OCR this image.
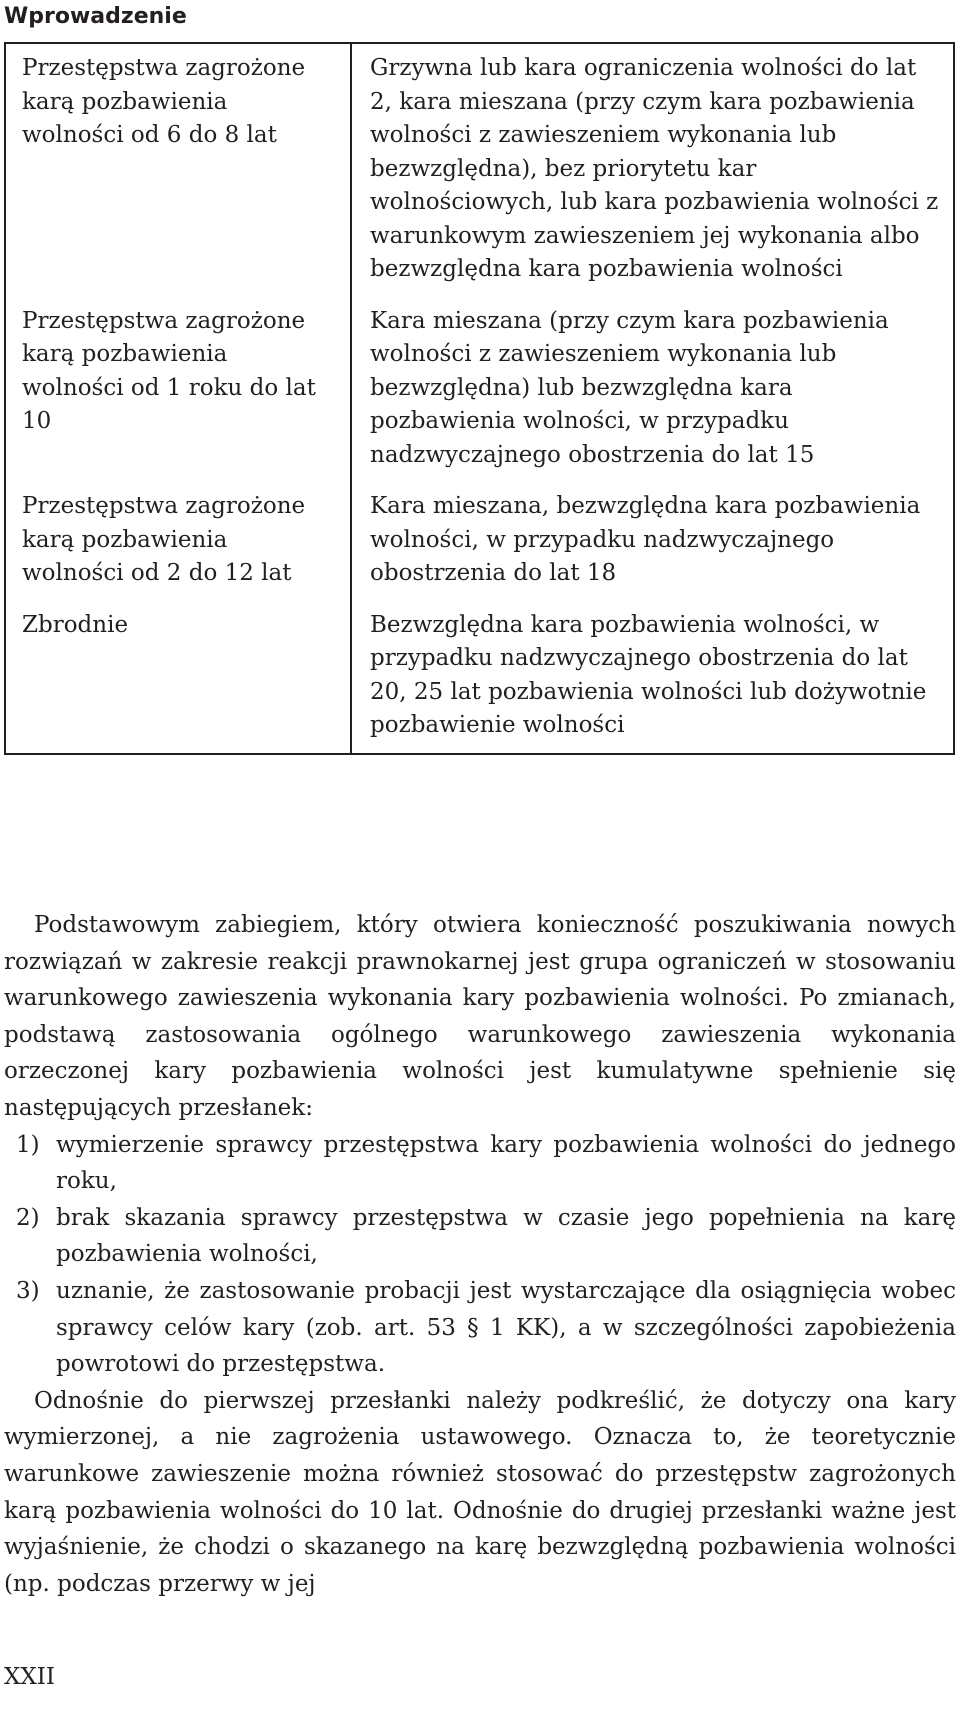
Wprowadzenie
Przestępstwa zagrożone karą pozbawienia wolności od 6 do 8 lat	Grzywna lub kara ograniczenia wolności do lat 2, kara mieszana (przy czym kara pozbawienia wolności z zawieszeniem wykonania lub bezwzględna), bez priorytetu kar wolnościowych, lub kara pozbawienia wolności z warunkowym zawieszeniem jej wykonania albo bezwzględna kara pozbawienia wolności
Przestępstwa zagrożone karą pozbawienia wolności od 1 roku do lat 10	Kara mieszana (przy czym kara pozbawienia wolności z zawieszeniem wykonania lub bezwzględna) lub bezwzględna kara pozbawienia wolności, w przypadku nadzwyczajnego obostrzenia do lat 15
Przestępstwa zagrożone karą pozbawienia wolności od 2 do 12 lat	Kara mieszana, bezwzględna kara pozbawienia wolności, w przypadku nadzwyczajnego obostrzenia do lat 18
Zbrodnie	Bezwzględna kara pozbawienia wolności, w przypadku nadzwyczajnego obostrzenia do lat 20, 25 lat pozbawienia wolności lub dożywotnie pozbawienie wolności

Podstawowym zabiegiem, który otwiera konieczność poszukiwania nowych rozwiązań w zakresie reakcji prawnokarnej jest grupa ograniczeń w stosowaniu warunkowego zawieszenia wykonania kary pozbawienia wolności. Po zmianach, podstawą zastosowania ogólnego warunkowego zawieszenia wykonania orzeczonej kary pozbawienia wolności jest kumulatywne spełnienie się następujących przesłanek:

1) wymierzenie sprawcy przestępstwa kary pozbawienia wolności do jednego roku,
2) brak skazania sprawcy przestępstwa w czasie jego popełnienia na karę pozbawienia wolności,
3) uznanie, że zastosowanie probacji jest wystarczające dla osiągnięcia wobec sprawcy celów kary (zob. art. 53 § 1 KK), a w szczególności zapobieżenia powrotowi do przestępstwa.

Odnośnie do pierwszej przesłanki należy podkreślić, że dotyczy ona kary wymierzonej, a nie zagrożenia ustawowego. Oznacza to, że teoretycznie warunkowe zawieszenie można również stosować do przestępstw zagrożonych karą pozbawienia wolności do 10 lat. Odnośnie do drugiej przesłanki ważne jest wyjaśnienie, że chodzi o skazanego na karę bezwzględną pozbawienia wolności (np. podczas przerwy w jej

XXII
